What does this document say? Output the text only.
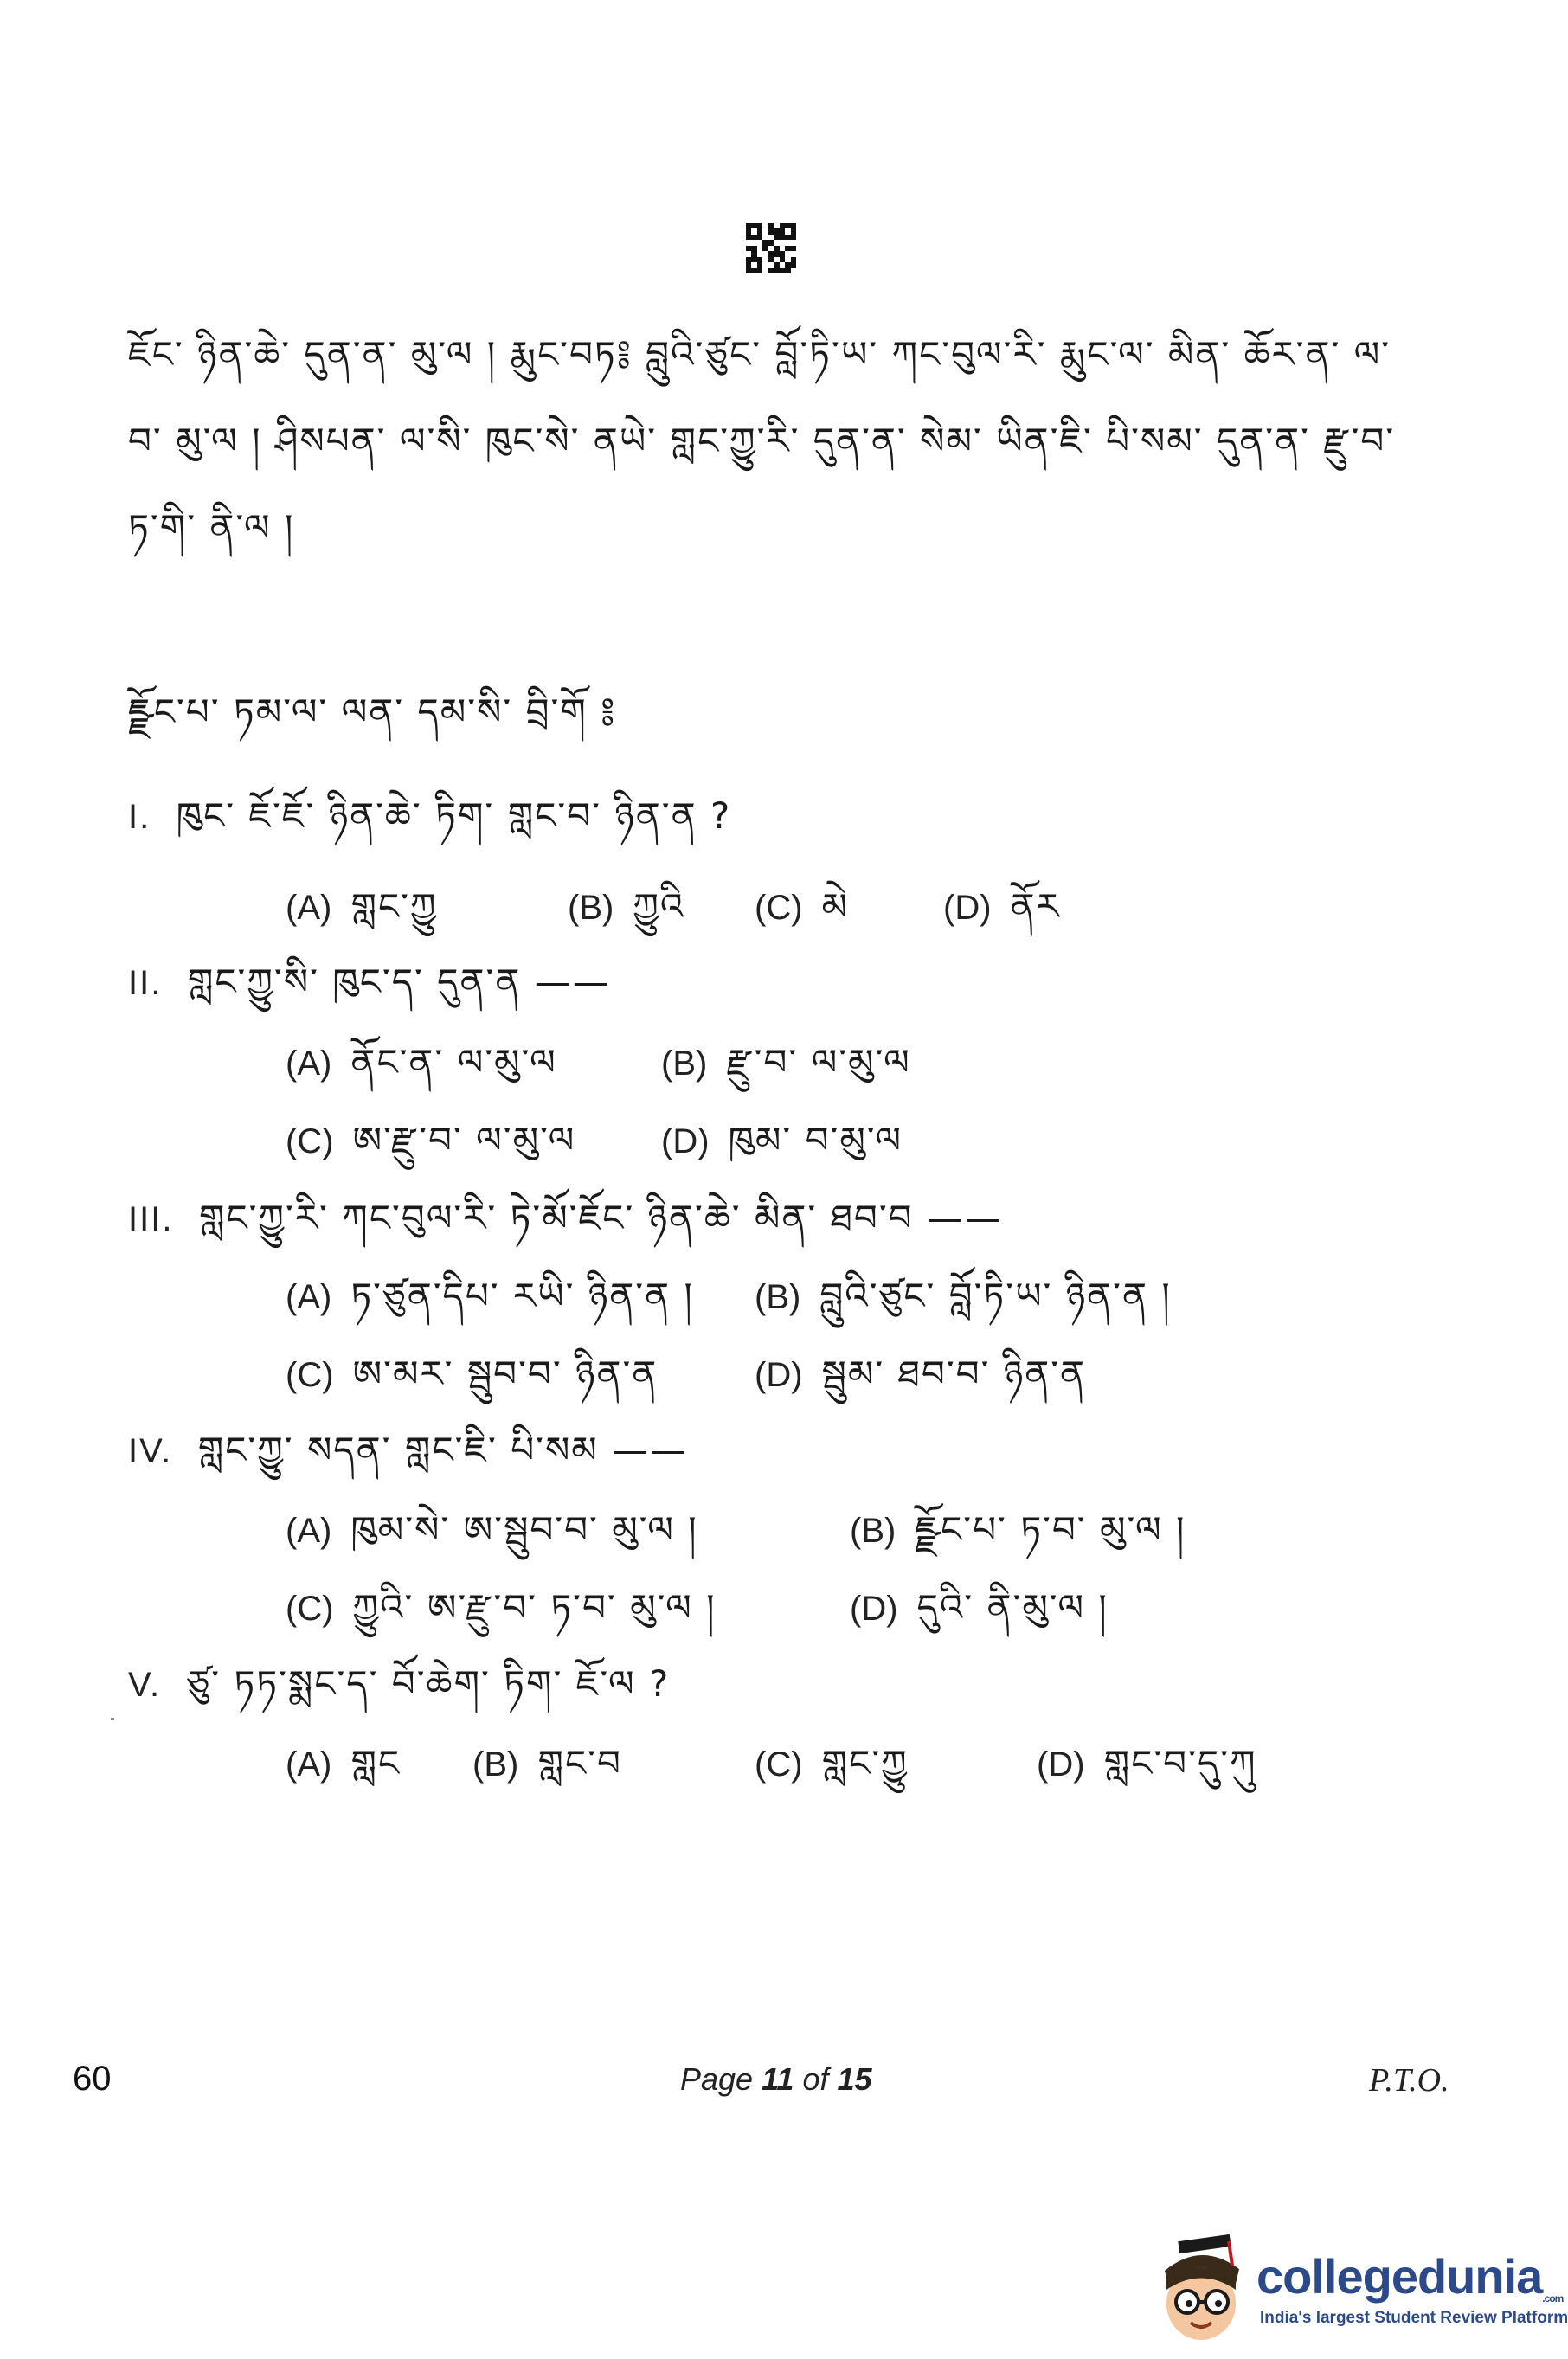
ཇོང་ ཉིན་ཆེ་ དུན་ན་ མུ་ལ ། རྨུང་བཏ༔ བླུའི་ཙུང་ བློ་ཏི་ཡ་ ཀང་བུལ་རི་ རྨུང་ལ་ མིན་ ཆོར་ན་ ལ་
བ་ མུ་ལ ། ཤིསཔན་ ལ་སི་ ཁུང་སེ་ ནཡེ་ གླང་ཀྱུ་རི་ དུན་ན་ སེམ་ ཡིན་ཇི་ པི་སམ་ དུན་ན་ རྫུ་བ་
ཏ་གི་ ནི་ལ །
ཇྫོང་པ་ ཏམ་ལ་ ལན་ དམ་སི་ བྲི་གོ ༔
I. ཁུང་ ཇོ་ཇོ་ ཉིན་ཆེ་ ཏིག་ གླང་བ་ ཉིན་ན ?
(A) གླང་ཀྱུ	(B) ཀྱུའི (C) མེ	(D) ནོར
II. གླང་ཀྱུ་སི་ ཁུང་ད་ དུན་ན ——
(A) ནོང་ན་ ལ་མུ་ལ	(B) རྫུ་བ་ ལ་མུ་ལ
(C) ཨ་རྫུ་བ་ ལ་མུ་ལ (D) ཁུམ་ བ་མུ་ལ
III. གླང་ཀྱུ་རི་ ཀང་བུལ་རི་ ཏེ་མོ་ཇོང་ ཉིན་ཆེ་ མིན་ ཐབ་བ ——
(A) ཏ་ཙུན་དིཔ་ རཡི་ ཉིན་ན ། (B) བླུའི་ཙུང་ བློ་ཏི་ཡ་ ཉིན་ན །
(C) ཨ་མར་ སྦུབ་བ་ ཉིན་ན	(D) སྦུམ་ ཐབ་བ་ ཉིན་ན
IV. གླང་ཀྱུ་ སདན་ གླང་ཇི་ པི་སམ ——
(A) ཁུམ་སེ་ ཨ་སྦུབ་བ་ མུ་ལ །	(B) ཇྫོང་པ་ ཏ་བ་ མུ་ལ །
(C) ཀྱུའི་ ཨ་རྫུ་བ་ ཏ་བ་ མུ་ལ །	(D) དུའི་ ནི་མུ་ལ །
V. ཙུ་ ཏཏ་སྨང་ད་ བོ་ཆེག་ ཏིག་ ཇོ་ལ ?
(A) གླང (B) གླང་བ	(C) གླང་ཀྱུ	(D) གླང་བ་དུ་ཀུ
60	Page 11 of 15	P.T.O.
collegedunia.com
India's largest Student Review Platform
